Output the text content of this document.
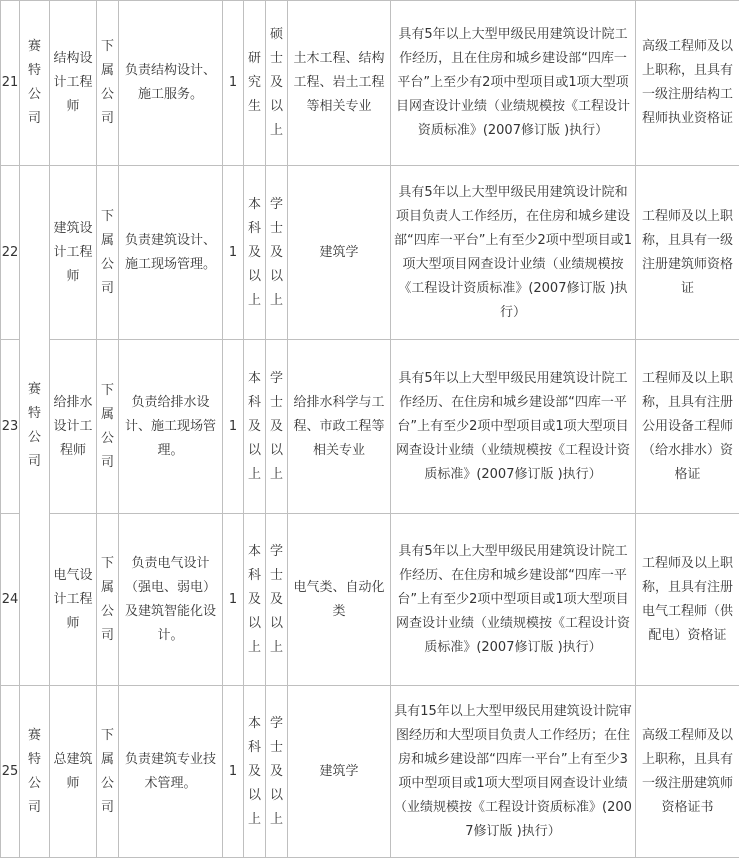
21	赛特公司	结构设计工程师	下属公司	负责结构设计、施工服务。	1	研究生	硕士及以上	土木工程、结构工程、岩土工程等相关专业	具有5年以上大型甲级民用建筑设计院工作经历，且在住房和城乡建设部“四库一平台”上至少有2项中型项目或1项大型项目网查设计业绩（业绩规模按《工程设计资质标准》(2007修订版 )执行）	高级工程师及以上职称，且具有一级注册结构工程师执业资格证
22	赛特公司	建筑设计工程师	下属公司	负责建筑设计、施工现场管理。	1	本科及以上	学士及以上	建筑学	具有5年以上大型甲级民用建筑设计院和项目负责人工作经历，在住房和城乡建设部“四库一平台”上有至少2项中型项目或1项大型项目网查设计业绩（业绩规模按《工程设计资质标准》(2007修订版 )执行）	工程师及以上职称，且具有一级注册建筑师资格证
23		给排水设计工程师	下属公司	负责给排水设计、施工现场管理。	1	本科及以上	学士及以上	给排水科学与工程、市政工程等相关专业	具有5年以上大型甲级民用建筑设计院工作经历、在住房和城乡建设部“四库一平台”上有至少2项中型项目或1项大型项目网查设计业绩（业绩规模按《工程设计资质标准》(2007修订版 )执行）	工程师及以上职称，且具有注册公用设备工程师（给水排水）资格证
24		电气设计工程师	下属公司	负责电气设计（强电、弱电）及建筑智能化设计。	1	本科及以上	学士及以上	电气类、自动化类	具有5年以上大型甲级民用建筑设计院工作经历、在住房和城乡建设部“四库一平台”上有至少2项中型项目或1项大型项目网查设计业绩（业绩规模按《工程设计资质标准》(2007修订版 )执行）	工程师及以上职称，且具有注册电气工程师（供配电）资格证
25	赛特公司	总建筑师	下属公司	负责建筑专业技术管理。	1	本科及以上	学士及以上	建筑学	具有15年以上大型甲级民用建筑设计院审图经历和大型项目负责人工作经历；在住房和城乡建设部“四库一平台”上有至少3项中型项目或1项大型项目网查设计业绩（业绩规模按《工程设计资质标准》(2007修订版 )执行）	高级工程师及以上职称，且具有一级注册建筑师资格证书
